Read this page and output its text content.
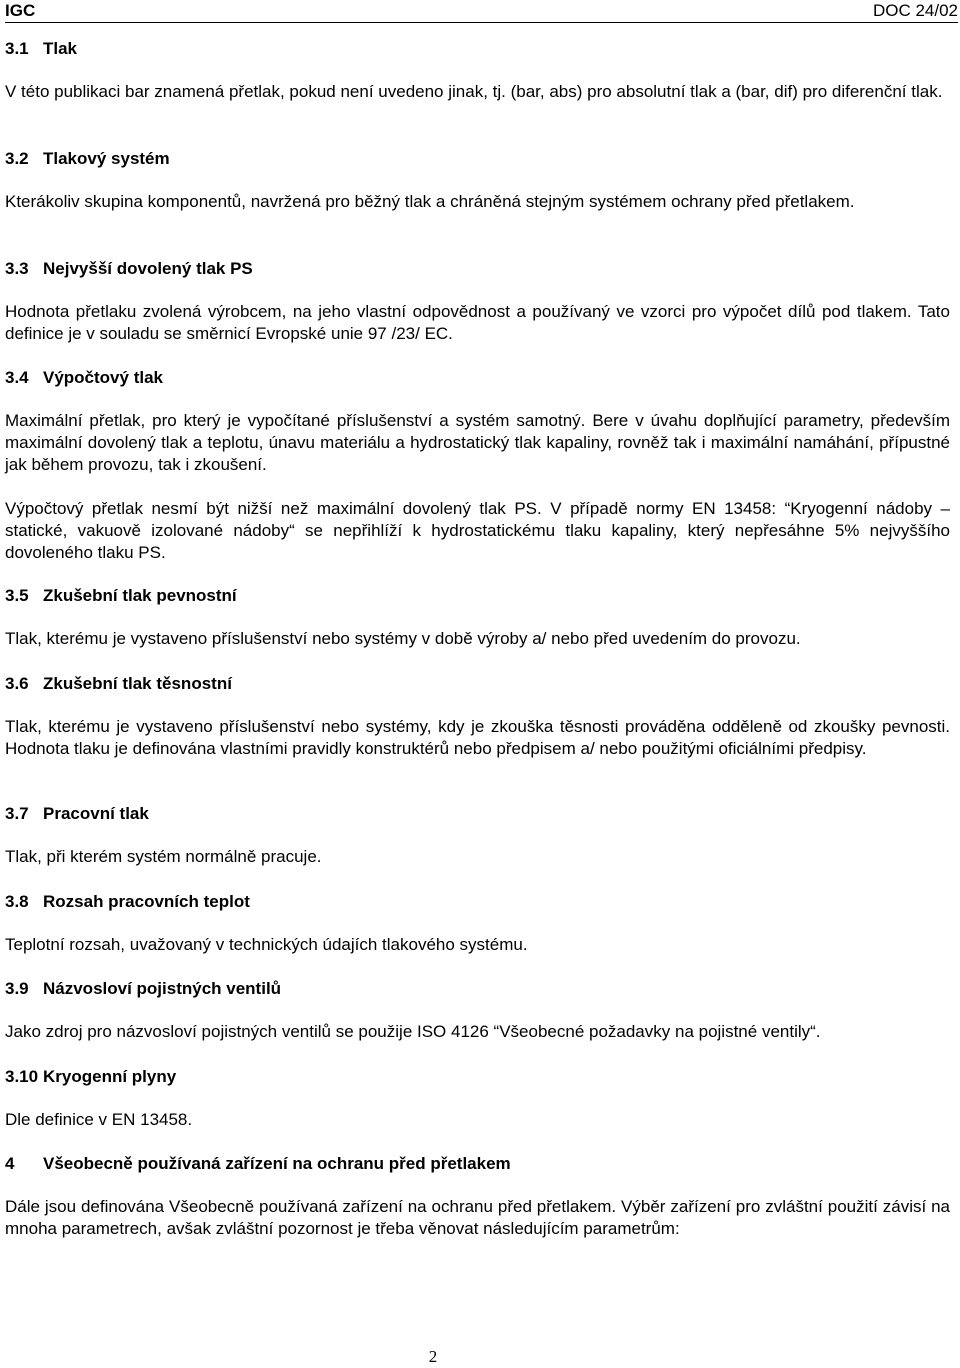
IGC	DOC 24/02
3.1 Tlak
V této publikaci bar znamená přetlak, pokud není uvedeno jinak, tj. (bar, abs) pro absolutní tlak a (bar, dif) pro diferenční tlak.
3.2 Tlakový systém
Kterákoliv skupina komponentů, navržená pro běžný tlak a chráněná stejným systémem ochrany před přetlakem.
3.3 Nejvyšší dovolený tlak PS
Hodnota přetlaku zvolená výrobcem, na jeho vlastní odpovědnost a používaný ve vzorci pro výpočet dílů pod tlakem. Tato definice je v souladu se směrnicí Evropské unie 97 /23/ EC.
3.4 Výpočtový tlak
Maximální přetlak, pro který je vypočítané příslušenství a systém samotný. Bere v úvahu doplňující parametry, především maximální dovolený tlak a teplotu, únavu materiálu a hydrostatický tlak kapaliny, rovněž tak i maximální namáhání, přípustné jak během provozu, tak i zkoušení.
Výpočtový přetlak nesmí být nižší než maximální dovolený tlak PS. V případě normy EN 13458: “Kryogenní nádoby – statické, vakuově izolované nádoby“ se nepřihlíží k hydrostatickému tlaku kapaliny, který nepřesáhne 5% nejvyššího dovoleného tlaku PS.
3.5 Zkušební tlak pevnostní
Tlak, kterému je vystaveno příslušenství nebo systémy v době výroby a/ nebo před uvedením do provozu.
3.6 Zkušební tlak těsnostní
Tlak, kterému je vystaveno příslušenství nebo systémy, kdy je zkouška těsnosti prováděna odděleně od zkoušky pevnosti. Hodnota tlaku je definována vlastními pravidly konstruktérů nebo předpisem a/ nebo použitými oficiálními předpisy.
3.7 Pracovní tlak
Tlak, při kterém systém normálně pracuje.
3.8 Rozsah pracovních teplot
Teplotní rozsah, uvažovaný v technických údajích tlakového systému.
3.9 Názvosloví pojistných ventilů
Jako zdroj pro názvosloví pojistných ventilů se použije ISO 4126 “Všeobecné požadavky na pojistné ventily“.
3.10 Kryogenní plyny
Dle definice v EN 13458.
4 Všeobecně používaná zařízení na ochranu před přetlakem
Dále jsou definována Všeobecně používaná zařízení na ochranu před přetlakem. Výběr zařízení pro zvláštní použití závisí na mnoha parametrech, avšak zvláštní pozornost je třeba věnovat následujícím parametrům:
2
